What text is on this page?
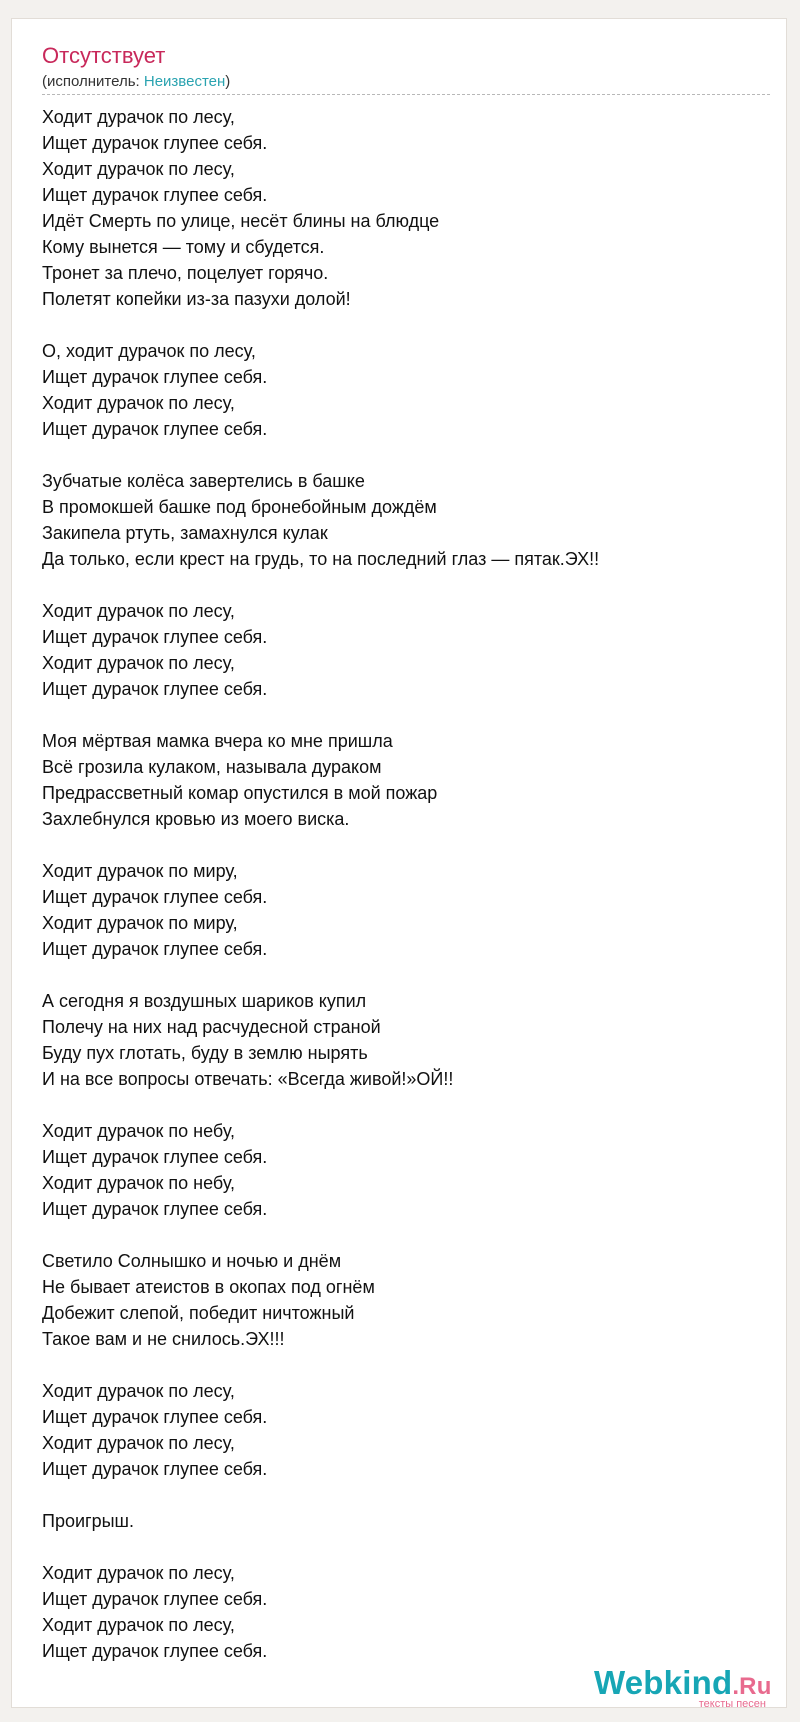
Отсутствует
(исполнитель: Неизвестен)
Ходит дурачок по лесу,
Ищет дурачок глупее себя.
Ходит дурачок по лесу,
Ищет дурачок глупее себя.
Идёт Смерть по улице, несёт блины на блюдце
Кому вынется — тому и сбудется.
Тронет за плечо, поцелует горячо.
Полетят копейки из-за пазухи долой!
О, ходит дурачок по лесу,
Ищет дурачок глупее себя.
Ходит дурачок по лесу,
Ищет дурачок глупее себя.
Зубчатые колёса завертелись в башке
В промокшей башке под бронебойным дождём
Закипела ртуть, замахнулся кулак
Да только, если крест на грудь, то на последний глаз — пятак.ЭХ!!
Ходит дурачок по лесу,
Ищет дурачок глупее себя.
Ходит дурачок по лесу,
Ищет дурачок глупее себя.
Моя мёртвая мамка вчера ко мне пришла
Всё грозила кулаком, называла дураком
Предрассветный комар опустился в мой пожар
Захлебнулся кровью из моего виска.
Ходит дурачок по миру,
Ищет дурачок глупее себя.
Ходит дурачок по миру,
Ищет дурачок глупее себя.
А сегодня я воздушных шариков купил
Полечу на них над расчудесной страной
Буду пух глотать, буду в землю нырять
И на все вопросы отвечать: «Всегда живой!»ОЙ!!
Ходит дурачок по небу,
Ищет дурачок глупее себя.
Ходит дурачок по небу,
Ищет дурачок глупее себя.
Светило Солнышко и ночью и днём
Не бывает атеистов в окопах под огнём
Добежит слепой, победит ничтожный
Такое вам и не снилось.ЭХ!!!
Ходит дурачок по лесу,
Ищет дурачок глупее себя.
Ходит дурачок по лесу,
Ищет дурачок глупее себя.
Проигрыш.
Ходит дурачок по лесу,
Ищет дурачок глупее себя.
Ходит дурачок по лесу,
Ищет дурачок глупее себя.
Webkind.Ru
тексты песен
